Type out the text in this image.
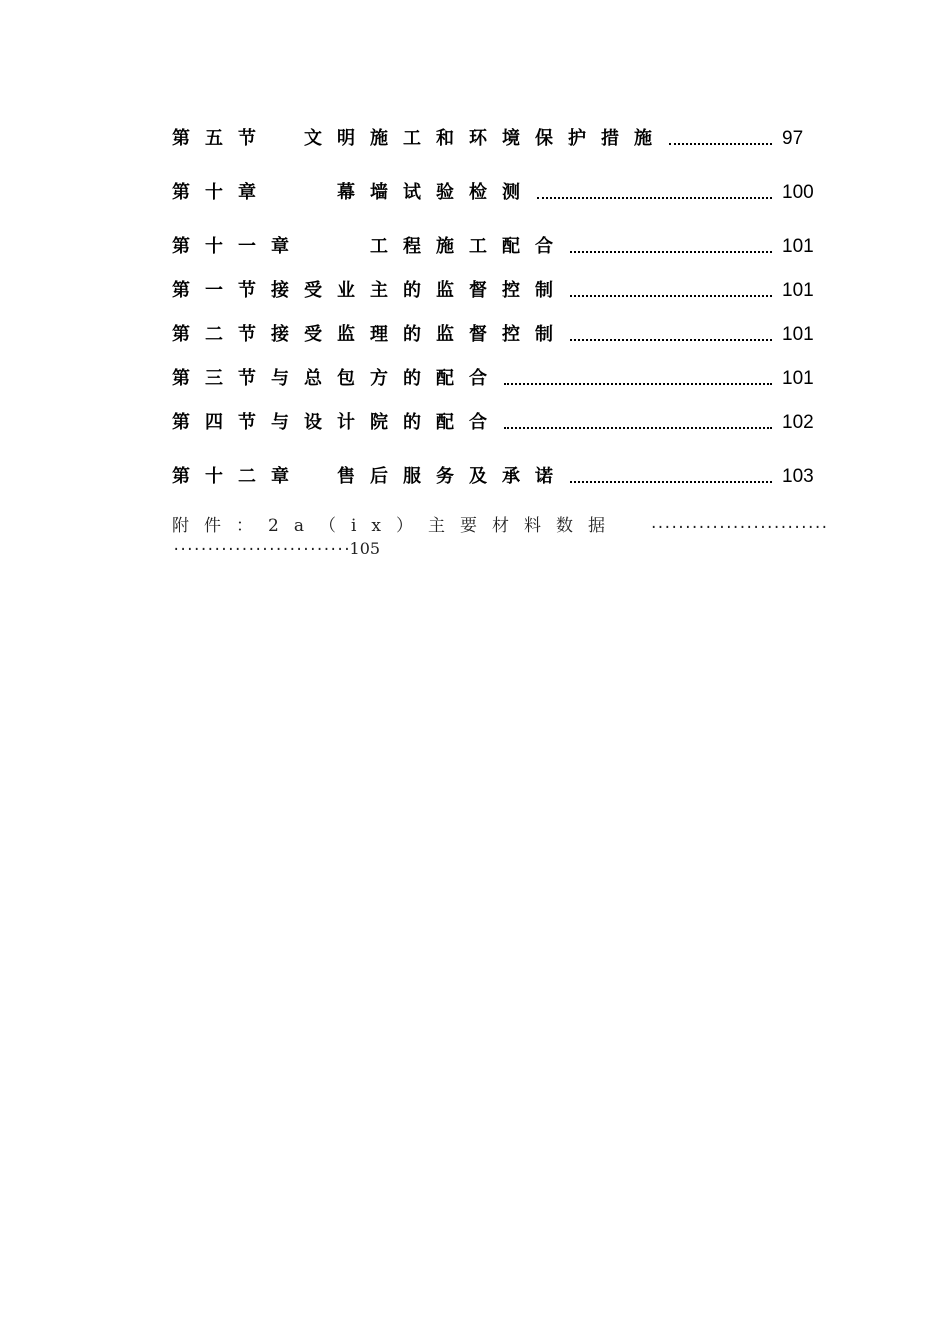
第五节　文明施工和环境保护措施	97
第十章　　幕墙试验检测	100
第十一章　　工程施工配合	101
第一节接受业主的监督控制	101
第二节接受监理的监督控制	101
第三节与总包方的配合	101
第四节与设计院的配合	102
第十二章　售后服务及承诺	103
附件：2a（ix）主要材料数据 ··························
·························· 105
